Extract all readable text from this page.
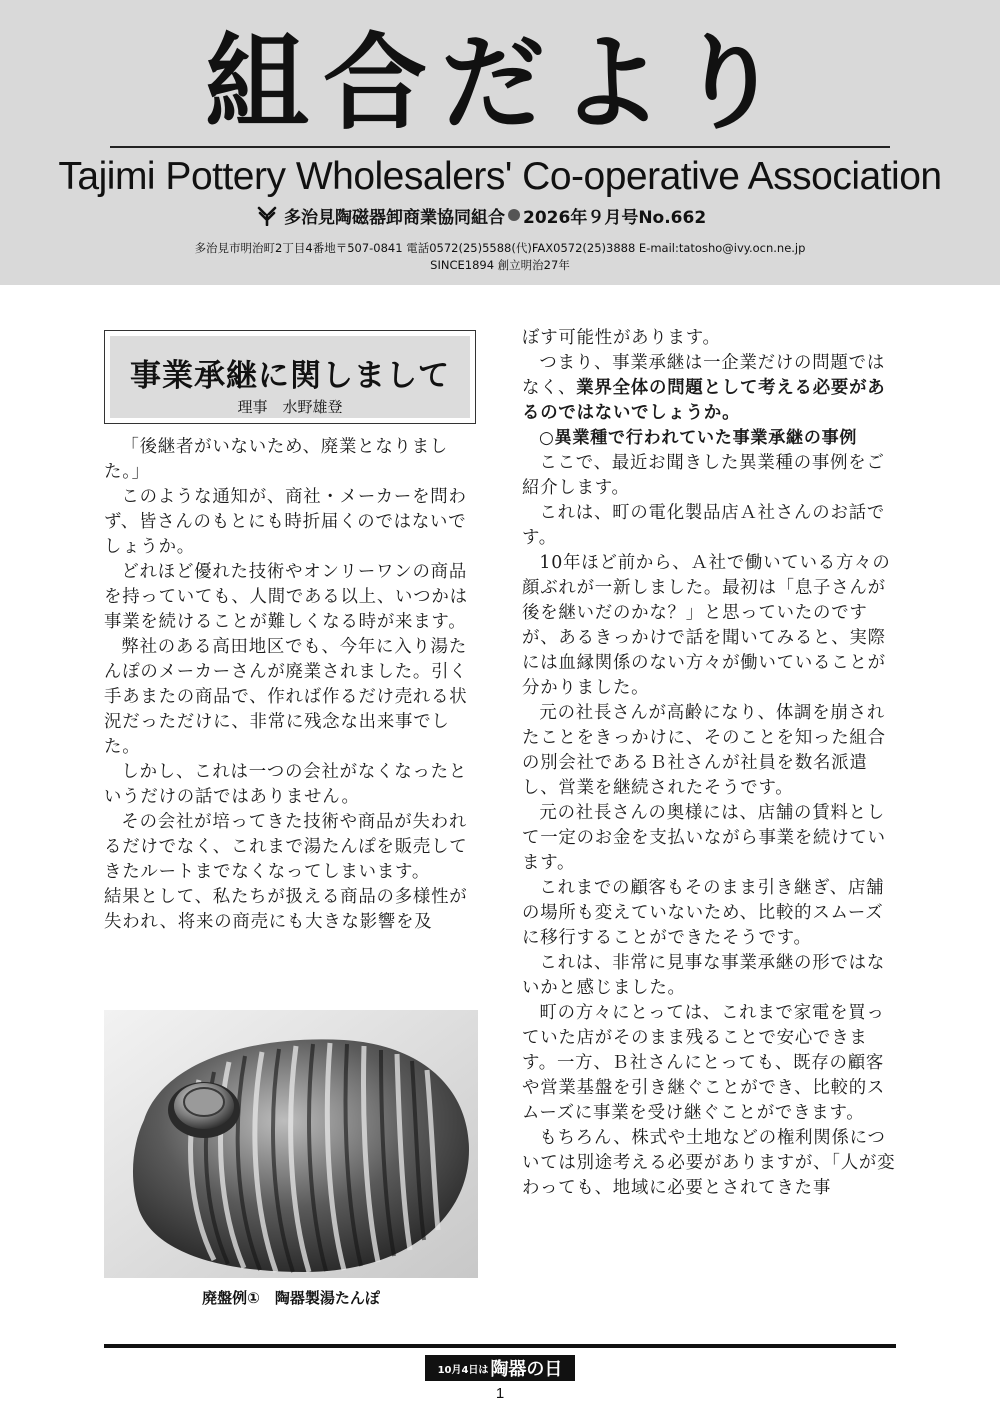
組合だより
Tajimi Pottery Wholesalers' Co-operative Association
多治見陶磁器卸商業協同組合 2026年９月号No.662
多治見市明治町2丁目4番地〒507-0841 電話0572(25)5588(代)FAX0572(25)3888 E-mail:tatosho@ivy.ocn.ne.jp
SINCE1894 創立明治27年
事業承継に関しまして
理事　水野雄登

「後継者がいないため、廃業となりました。」

このような通知が、商社・メーカーを問わず、皆さんのもとにも時折届くのではないでしょうか。

どれほど優れた技術やオンリーワンの商品を持っていても、人間である以上、いつかは事業を続けることが難しくなる時が来ます。

弊社のある高田地区でも、今年に入り湯たんぽのメーカーさんが廃業されました。引く手あまたの商品で、作れば作るだけ売れる状況だっただけに、非常に残念な出来事でした。

しかし、これは一つの会社がなくなったというだけの話ではありません。

その会社が培ってきた技術や商品が失われるだけでなく、これまで湯たんぽを販売してきたルートまでなくなってしまいます。

結果として、私たちが扱える商品の多様性が失われ、将来の商売にも大きな影響を及

廃盤例①　陶器製湯たんぽ

ぼす可能性があります。

つまり、事業承継は一企業だけの問題ではなく、業界全体の問題として考える必要があるのではないでしょうか。

○異業種で行われていた事業承継の事例

ここで、最近お聞きした異業種の事例をご紹介します。

これは、町の電化製品店Ａ社さんのお話です。

10年ほど前から、Ａ社で働いている方々の顔ぶれが一新しました。最初は「息子さんが後を継いだのかな？」と思っていたのですが、あるきっかけで話を聞いてみると、実際には血縁関係のない方々が働いていることが分かりました。

元の社長さんが高齢になり、体調を崩されたことをきっかけに、そのことを知った組合の別会社であるＢ社さんが社員を数名派遣し、営業を継続されたそうです。

元の社長さんの奥様には、店舗の賃料として一定のお金を支払いながら事業を続けています。

これまでの顧客もそのまま引き継ぎ、店舗の場所も変えていないため、比較的スムーズに移行することができたそうです。

これは、非常に見事な事業承継の形ではないかと感じました。

町の方々にとっては、これまで家電を買っていた店がそのまま残ることで安心できます。一方、Ｂ社さんにとっても、既存の顧客や営業基盤を引き継ぐことができ、比較的スムーズに事業を受け継ぐことができます。

もちろん、株式や土地などの権利関係については別途考える必要がありますが、「人が変わっても、地域に必要とされてきた事

10月4日は 陶器の日
1
